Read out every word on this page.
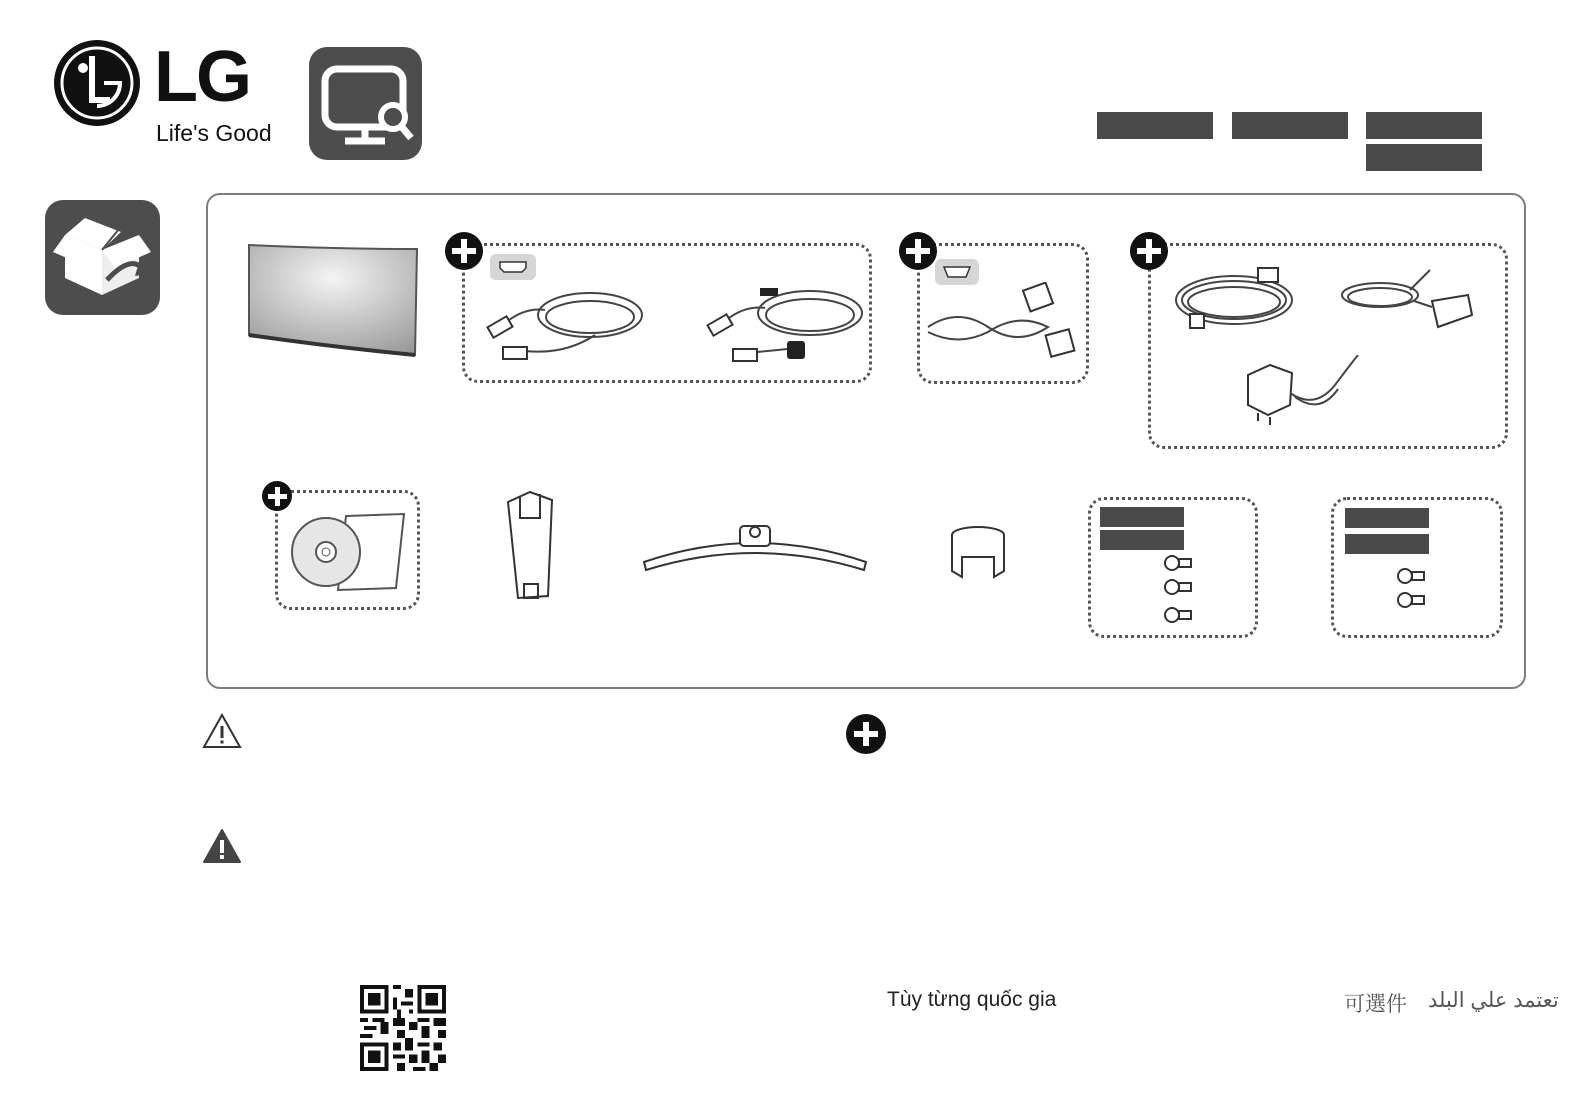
LG
Life's Good
Tùy từng quốc gia	可選件 تعتمد علي البلد
